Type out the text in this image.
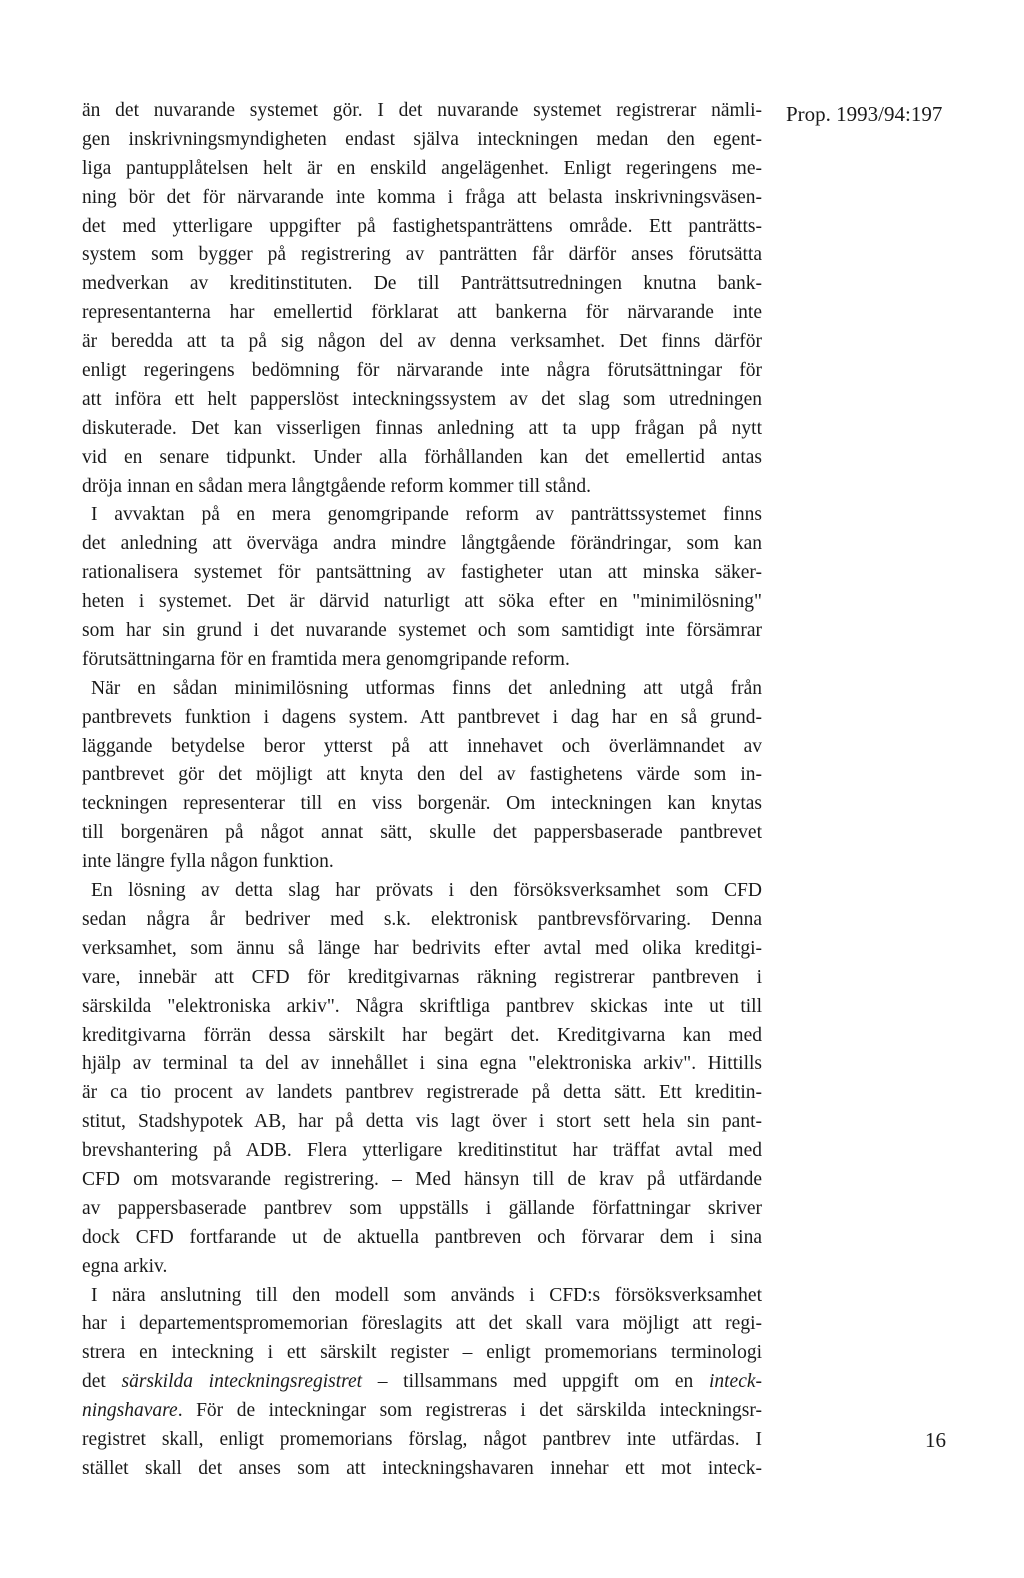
Prop. 1993/94:197
än det nuvarande systemet gör. I det nuvarande systemet registrerar nämli-
gen inskrivningsmyndigheten endast själva inteckningen medan den egent-
liga pantupplåtelsen helt är en enskild angelägenhet. Enligt regeringens me-
ning bör det för närvarande inte komma i fråga att belasta inskrivningsväsen-
det med ytterligare uppgifter på fastighetspanträttens område. Ett panträtts-
system som bygger på registrering av panträtten får därför anses förutsätta
medverkan av kreditinstituten. De till Panträttsutredningen knutna bank-
representanterna har emellertid förklarat att bankerna för närvarande inte
är beredda att ta på sig någon del av denna verksamhet. Det finns därför
enligt regeringens bedömning för närvarande inte några förutsättningar för
att införa ett helt papperslöst inteckningssystem av det slag som utredningen
diskuterade. Det kan visserligen finnas anledning att ta upp frågan på nytt
vid en senare tidpunkt. Under alla förhållanden kan det emellertid antas
dröja innan en sådan mera långtgående reform kommer till stånd.
I avvaktan på en mera genomgripande reform av panträttssystemet finns
det anledning att överväga andra mindre långtgående förändringar, som kan
rationalisera systemet för pantsättning av fastigheter utan att minska säker-
heten i systemet. Det är därvid naturligt att söka efter en "minimilösning"
som har sin grund i det nuvarande systemet och som samtidigt inte försämrar
förutsättningarna för en framtida mera genomgripande reform.
När en sådan minimilösning utformas finns det anledning att utgå från
pantbrevets funktion i dagens system. Att pantbrevet i dag har en så grund-
läggande betydelse beror ytterst på att innehavet och överlämnandet av
pantbrevet gör det möjligt att knyta den del av fastighetens värde som in-
teckningen representerar till en viss borgenär. Om inteckningen kan knytas
till borgenären på något annat sätt, skulle det pappersbaserade pantbrevet
inte längre fylla någon funktion.
En lösning av detta slag har prövats i den försöksverksamhet som CFD
sedan några år bedriver med s.k. elektronisk pantbrevsförvaring. Denna
verksamhet, som ännu så länge har bedrivits efter avtal med olika kreditgi-
vare, innebär att CFD för kreditgivarnas räkning registrerar pantbreven i
särskilda "elektroniska arkiv". Några skriftliga pantbrev skickas inte ut till
kreditgivarna förrän dessa särskilt har begärt det. Kreditgivarna kan med
hjälp av terminal ta del av innehållet i sina egna "elektroniska arkiv". Hittills
är ca tio procent av landets pantbrev registrerade på detta sätt. Ett kreditin-
stitut, Stadshypotek AB, har på detta vis lagt över i stort sett hela sin pant-
brevshantering på ADB. Flera ytterligare kreditinstitut har träffat avtal med
CFD om motsvarande registrering. – Med hänsyn till de krav på utfärdande
av pappersbaserade pantbrev som uppställs i gällande författningar skriver
dock CFD fortfarande ut de aktuella pantbreven och förvarar dem i sina
egna arkiv.
I nära anslutning till den modell som används i CFD:s försöksverksamhet
har i departementspromemorian föreslagits att det skall vara möjligt att regi-
strera en inteckning i ett särskilt register – enligt promemorians terminologi
det särskilda inteckningsregistret – tillsammans med uppgift om en inteck-
ningshavare. För de inteckningar som registreras i det särskilda inteckningsr-
registret skall, enligt promemorians förslag, något pantbrev inte utfärdas. I
stället skall det anses som att inteckningshavaren innehar ett mot inteck-
16
